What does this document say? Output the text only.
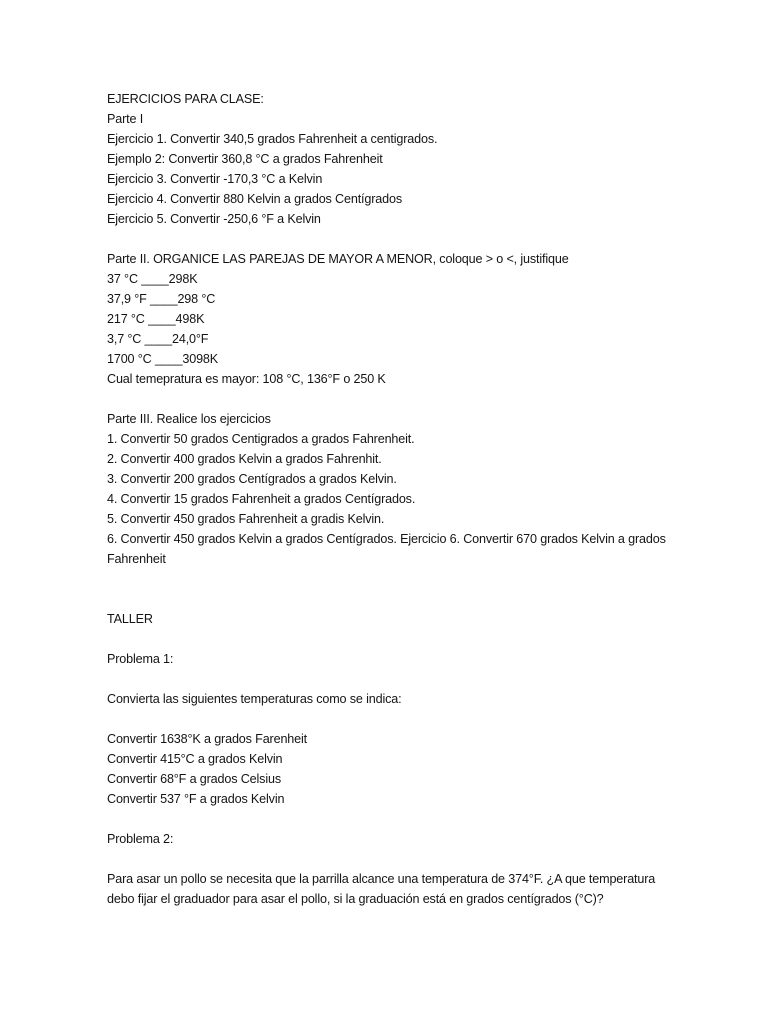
EJERCICIOS PARA CLASE:
Parte I
Ejercicio 1. Convertir 340,5 grados Fahrenheit a centigrados.
Ejemplo 2: Convertir 360,8 °C a grados Fahrenheit
Ejercicio 3. Convertir -170,3 °C a Kelvin
Ejercicio 4. Convertir 880 Kelvin a grados Centígrados
Ejercicio 5. Convertir -250,6 °F a Kelvin
Parte II. ORGANICE LAS PAREJAS DE MAYOR A MENOR, coloque > o <, justifique
37 °C ____298K
37,9 °F ____298 °C
217 °C ____498K
3,7 °C ____24,0°F
1700 °C ____3098K
Cual temepratura es mayor: 108 °C, 136°F o 250 K
Parte III. Realice los ejercicios
1. Convertir 50 grados Centigrados a grados Fahrenheit.
2. Convertir 400 grados Kelvin a grados Fahrenhit.
3. Convertir 200 grados Centígrados a grados Kelvin.
4. Convertir 15 grados Fahrenheit a grados Centígrados.
5. Convertir 450 grados Fahrenheit a gradis Kelvin.
6. Convertir 450 grados Kelvin a grados Centígrados. Ejercicio 6. Convertir 670 grados Kelvin a grados Fahrenheit
TALLER
Problema 1:
Convierta las siguientes temperaturas como se indica:
Convertir 1638°K a grados Farenheit
Convertir 415°C a grados Kelvin
Convertir 68°F a grados Celsius
Convertir 537 °F a grados Kelvin
Problema 2:
Para asar un pollo se necesita que la parrilla alcance una temperatura de 374°F. ¿A que temperatura debo fijar el graduador para asar el pollo, si la graduación está en grados centígrados (°C)?
